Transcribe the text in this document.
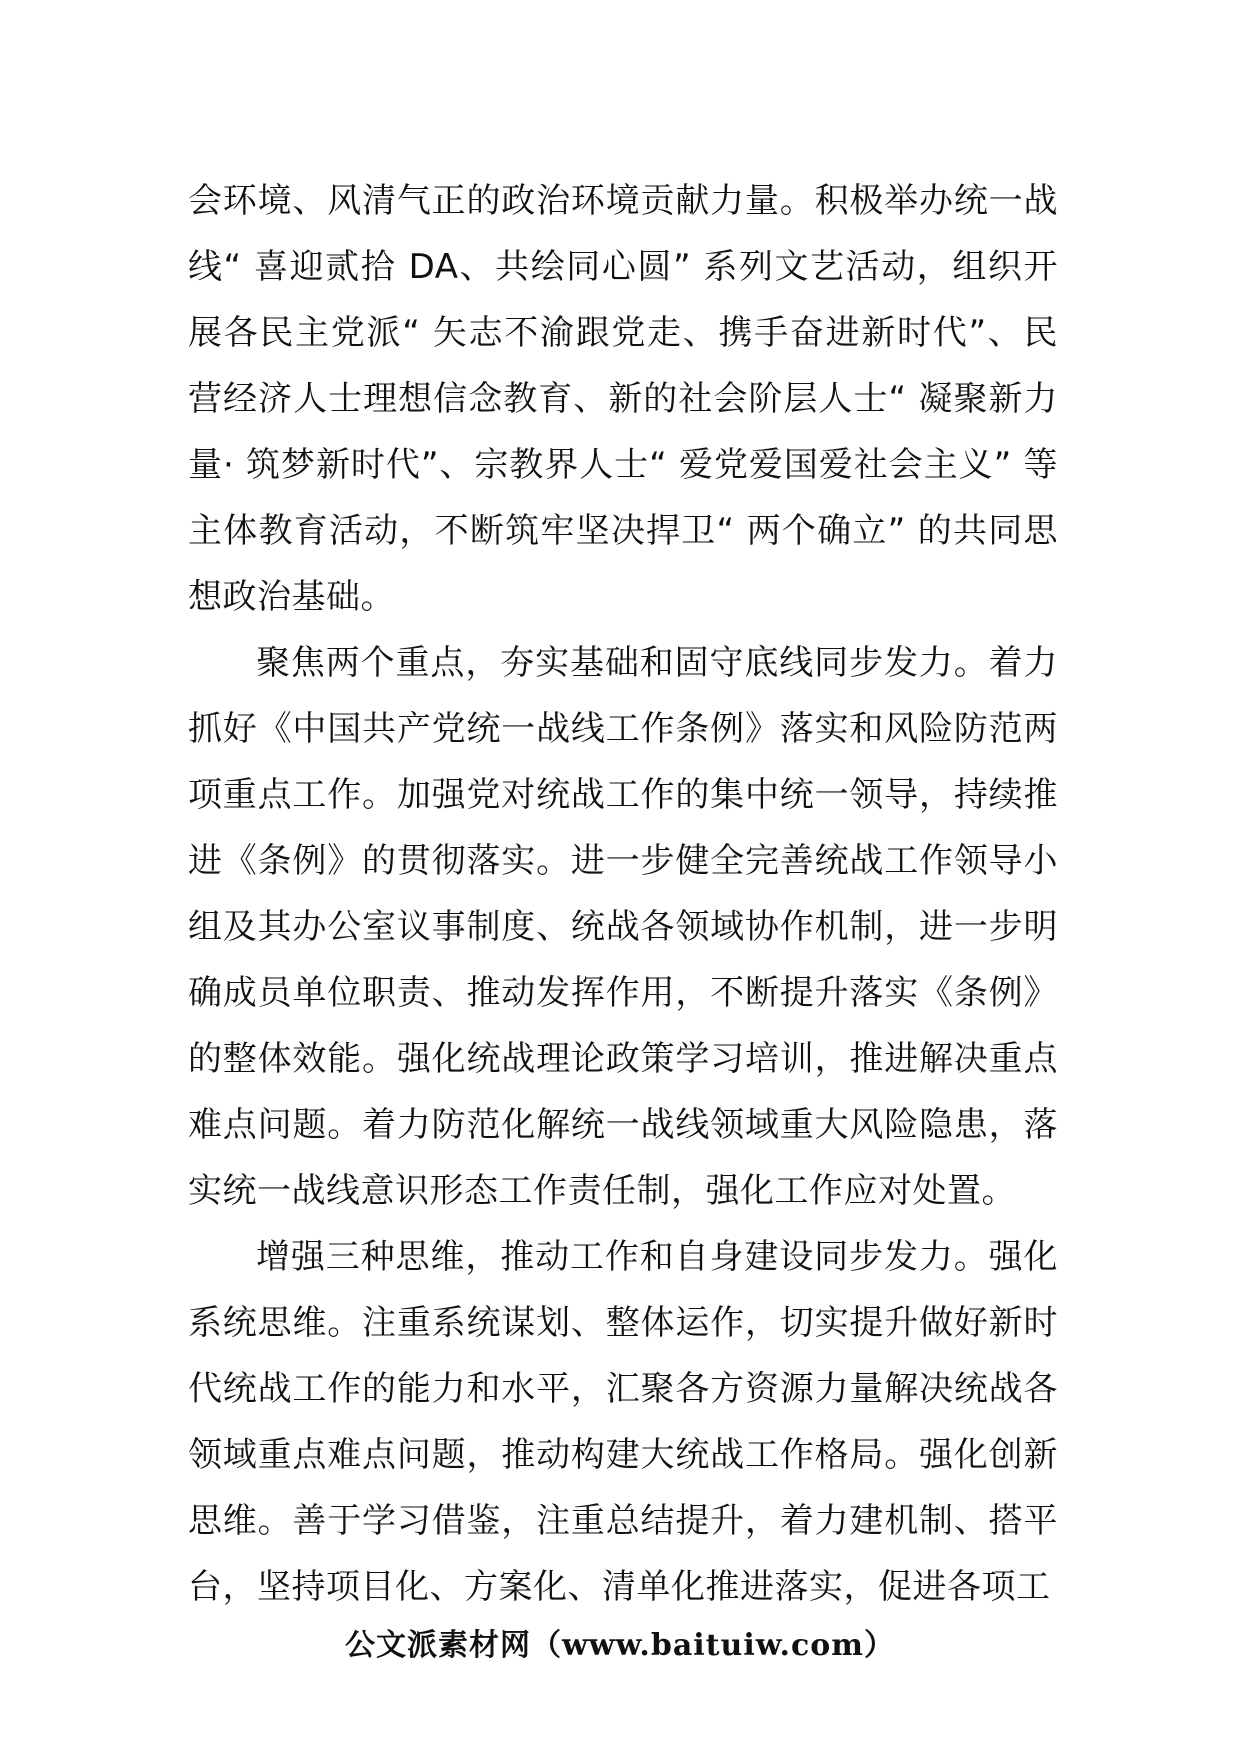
会环境、风清气正的政治环境贡献力量。积极举办统一战线“ 喜迎贰拾 DA、共绘同心圆” 系列文艺活动，组织开展各民主党派“ 矢志不渝跟党走、携手奋进新时代”、民营经济人士理想信念教育、新的社会阶层人士“ 凝聚新力量· 筑梦新时代”、宗教界人士“ 爱党爱国爱社会主义” 等主体教育活动，不断筑牢坚决捍卫“ 两个确立” 的共同思想政治基础。

聚焦两个重点，夯实基础和固守底线同步发力。着力抓好《中国共产党统一战线工作条例》落实和风险防范两项重点工作。加强党对统战工作的集中统一领导，持续推进《条例》的贯彻落实。进一步健全完善统战工作领导小组及其办公室议事制度、统战各领域协作机制，进一步明确成员单位职责、推动发挥作用，不断提升落实《条例》的整体效能。强化统战理论政策学习培训，推进解决重点难点问题。着力防范化解统一战线领域重大风险隐患，落实统一战线意识形态工作责任制，强化工作应对处置。

增强三种思维，推动工作和自身建设同步发力。强化系统思维。注重系统谋划、整体运作，切实提升做好新时代统战工作的能力和水平，汇聚各方资源力量解决统战各领域重点难点问题，推动构建大统战工作格局。强化创新思维。善于学习借鉴，注重总结提升，着力建机制、搭平台，坚持项目化、方案化、清单化推进落实，促进各项工

公文派素材网（www.baituiw.com）
